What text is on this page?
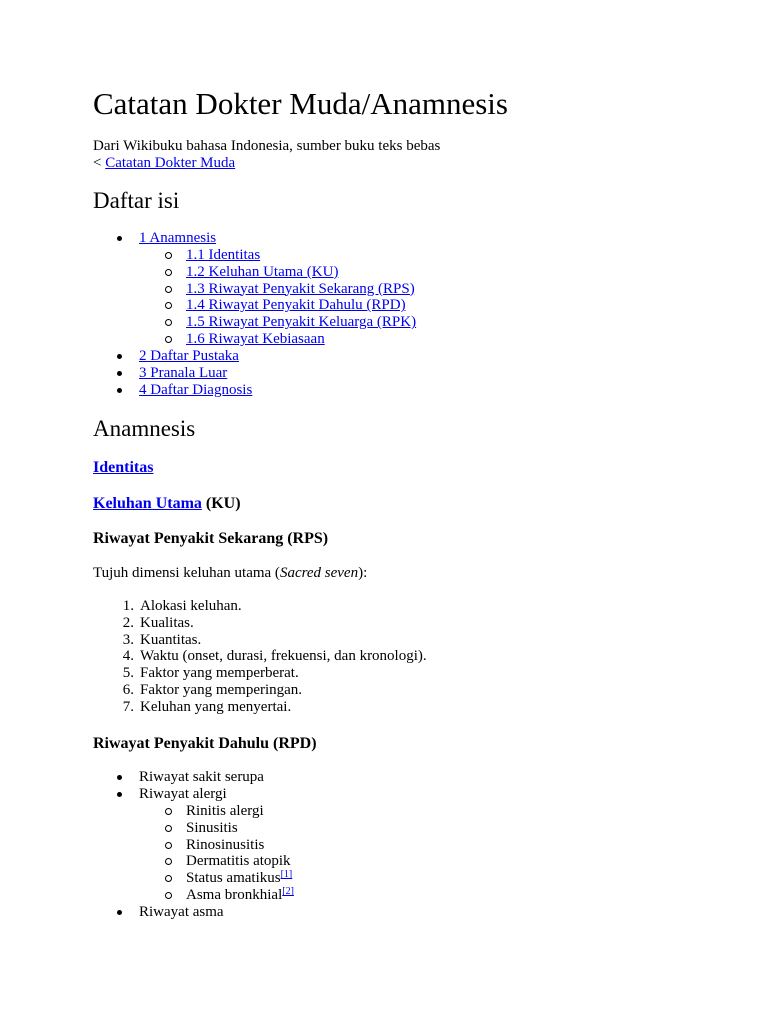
Catatan Dokter Muda/Anamnesis
Dari Wikibuku bahasa Indonesia, sumber buku teks bebas
< Catatan Dokter Muda
Daftar isi
1 Anamnesis
1.1 Identitas
1.2 Keluhan Utama (KU)
1.3 Riwayat Penyakit Sekarang (RPS)
1.4 Riwayat Penyakit Dahulu (RPD)
1.5 Riwayat Penyakit Keluarga (RPK)
1.6 Riwayat Kebiasaan
2 Daftar Pustaka
3 Pranala Luar
4 Daftar Diagnosis
Anamnesis
Identitas
Keluhan Utama (KU)
Riwayat Penyakit Sekarang (RPS)
Tujuh dimensi keluhan utama (Sacred seven):
1. Alokasi keluhan.
2. Kualitas.
3. Kuantitas.
4. Waktu (onset, durasi, frekuensi, dan kronologi).
5. Faktor yang memperberat.
6. Faktor yang memperingan.
7. Keluhan yang menyertai.
Riwayat Penyakit Dahulu (RPD)
Riwayat sakit serupa
Riwayat alergi
Rinitis alergi
Sinusitis
Rinosinusitis
Dermatitis atopik
Status amatikus[1]
Asma bronkhial[2]
Riwayat asma
